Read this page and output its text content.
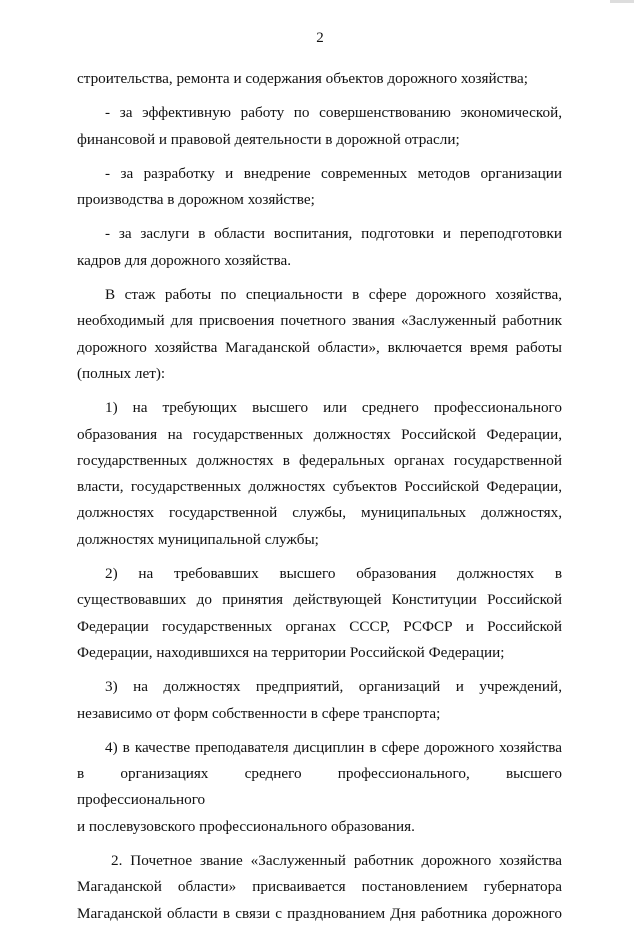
2
строительства, ремонта и содержания объектов дорожного хозяйства;
- за эффективную работу по совершенствованию экономической,
финансовой и правовой деятельности в дорожной отрасли;
- за разработку и внедрение современных методов организации
производства в дорожном хозяйстве;
- за заслуги в области воспитания, подготовки и переподготовки
кадров для дорожного хозяйства.
В стаж работы по специальности в сфере дорожного хозяйства,
необходимый для присвоения почетного звания «Заслуженный работник
дорожного хозяйства Магаданской области», включается время работы
(полных лет):
1) на требующих высшего или среднего профессионального
образования на государственных должностях Российской Федерации,
государственных должностях в федеральных органах государственной
власти, государственных должностях субъектов Российской Федерации,
должностях государственной службы, муниципальных должностях,
должностях муниципальной службы;
2) на требовавших высшего образования должностях в
существовавших до принятия действующей Конституции Российской
Федерации государственных органах СССР, РСФСР и Российской
Федерации, находившихся на территории Российской Федерации;
3) на должностях предприятий, организаций и учреждений,
независимо от форм собственности в сфере транспорта;
4) в качестве преподавателя дисциплин в сфере дорожного хозяйства
в организациях среднего профессионального, высшего профессионального
и послевузовского профессионального образования.
2. Почетное звание «Заслуженный работник дорожного хозяйства
Магаданской области» присваивается постановлением губернатора
Магаданской области в связи с празднованием Дня работника дорожного
